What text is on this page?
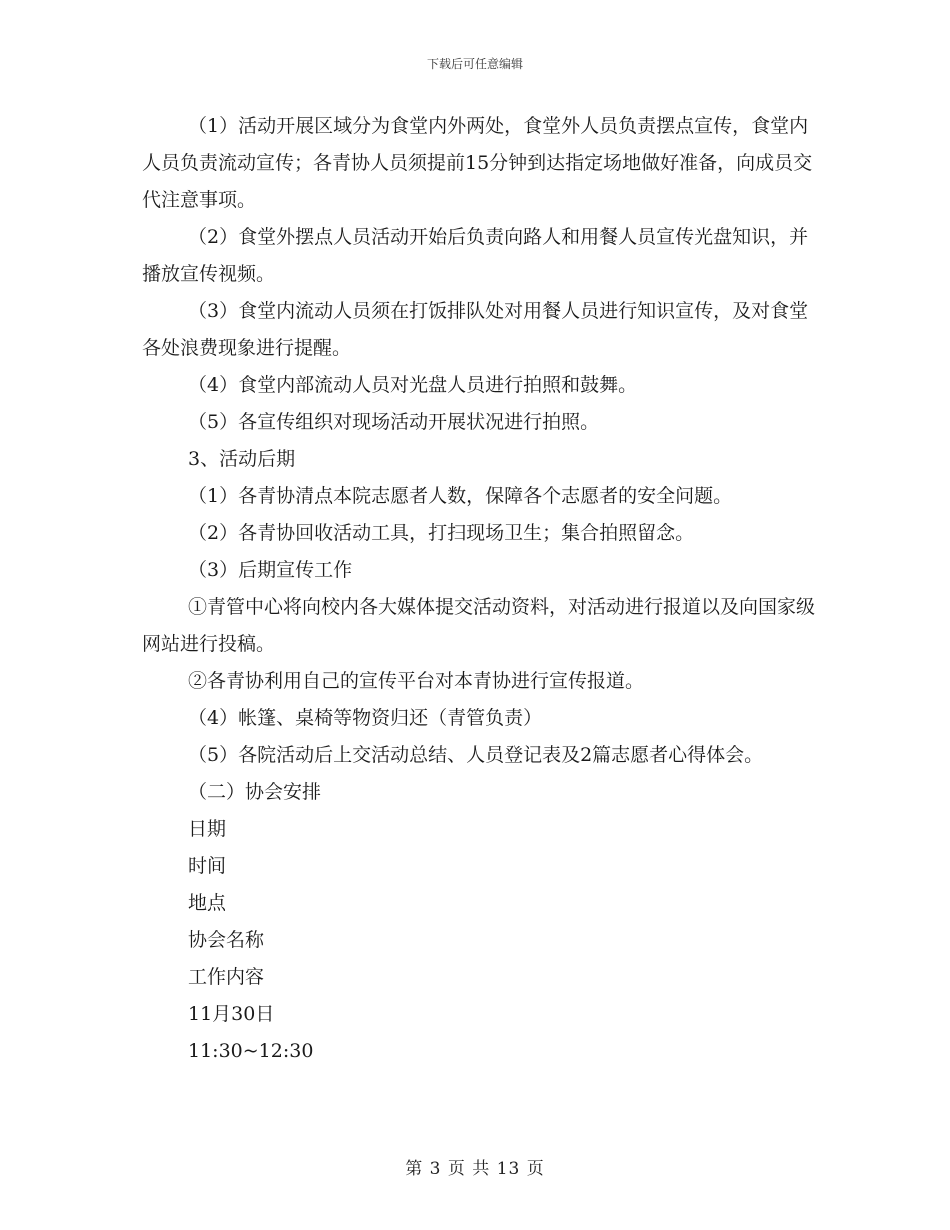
下载后可任意编辑

（1）活动开展区域分为食堂内外两处，食堂外人员负责摆点宣传，食堂内人员负责流动宣传；各青协人员须提前15分钟到达指定场地做好准备，向成员交代注意事项。

（2）食堂外摆点人员活动开始后负责向路人和用餐人员宣传光盘知识，并播放宣传视频。

（3）食堂内流动人员须在打饭排队处对用餐人员进行知识宣传，及对食堂各处浪费现象进行提醒。

（4）食堂内部流动人员对光盘人员进行拍照和鼓舞。

（5）各宣传组织对现场活动开展状况进行拍照。

3、活动后期

（1）各青协清点本院志愿者人数，保障各个志愿者的安全问题。

（2）各青协回收活动工具，打扫现场卫生；集合拍照留念。

（3）后期宣传工作

①青管中心将向校内各大媒体提交活动资料，对活动进行报道以及向国家级网站进行投稿。

②各青协利用自己的宣传平台对本青协进行宣传报道。

（4）帐篷、桌椅等物资归还（青管负责）

（5）各院活动后上交活动总结、人员登记表及2篇志愿者心得体会。

（二）协会安排

日期

时间

地点

协会名称

工作内容

11月30日

11:30~12:30

第 3 页 共 13 页
